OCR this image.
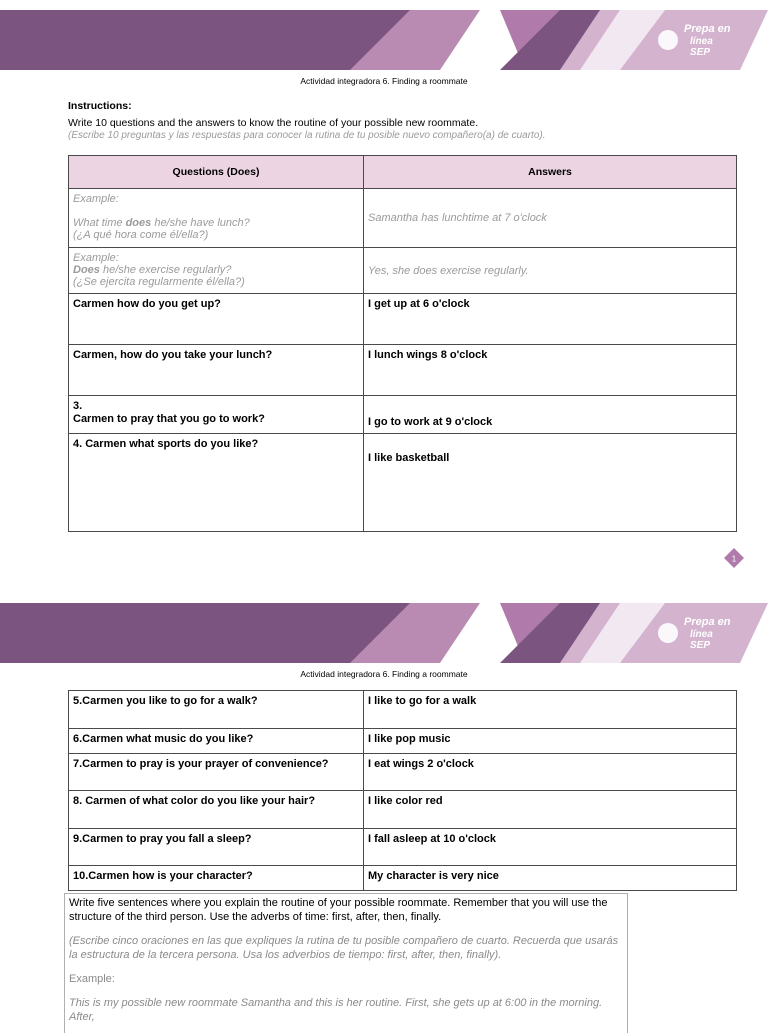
Prepa en
línea
SEP
Actividad integradora 6. Finding a roommate
Instructions:
Write 10 questions and the answers to know the routine of your possible new roommate.
(Escribe 10 preguntas y las respuestas para conocer la rutina de tu posible nuevo compañero(a) de cuarto).
Questions (Does)	Answers

Example:
What time does he/she have lunch?
(¿A qué hora come él/ella?)	Samantha has lunchtime at 7 o'clock

Example:
Does he/she exercise regularly?
(¿Se ejercita regularmente él/ella?)	Yes, she does exercise regularly.
Carmen how do you get up?	I get up at 6 o'clock
Carmen, how do you take your lunch?	I lunch wings 8 o'clock

3.
Carmen to pray that you go to work?	I go to work at 9 o'clock
4. Carmen what sports do you like?	I like basketball
1
Prepa en
línea
SEP
Actividad integradora 6. Finding a roommate
5.Carmen you like to go for a walk?	I like to go for a walk
6.Carmen what music do you like?	I like pop music
7.Carmen to pray is your prayer of convenience?	I eat wings 2 o'clock
8. Carmen of what color do you like your hair?	I like color red
9.Carmen to pray you fall a sleep?	I fall asleep at 10 o'clock
10.Carmen how is your character?	My character is very nice

Write five sentences where you explain the routine of your possible roommate. Remember that you will use the structure of the third person. Use the adverbs of time: first, after, then, finally.

(Escribe cinco oraciones en las que expliques la rutina de tu posible compañero de cuarto. Recuerda que usarás la estructura de la tercera persona. Usa los adverbios de tiempo: first, after, then, finally).

Example:

This is my possible new roommate Samantha and this is her routine. First, she gets up at 6:00 in the morning. After,
